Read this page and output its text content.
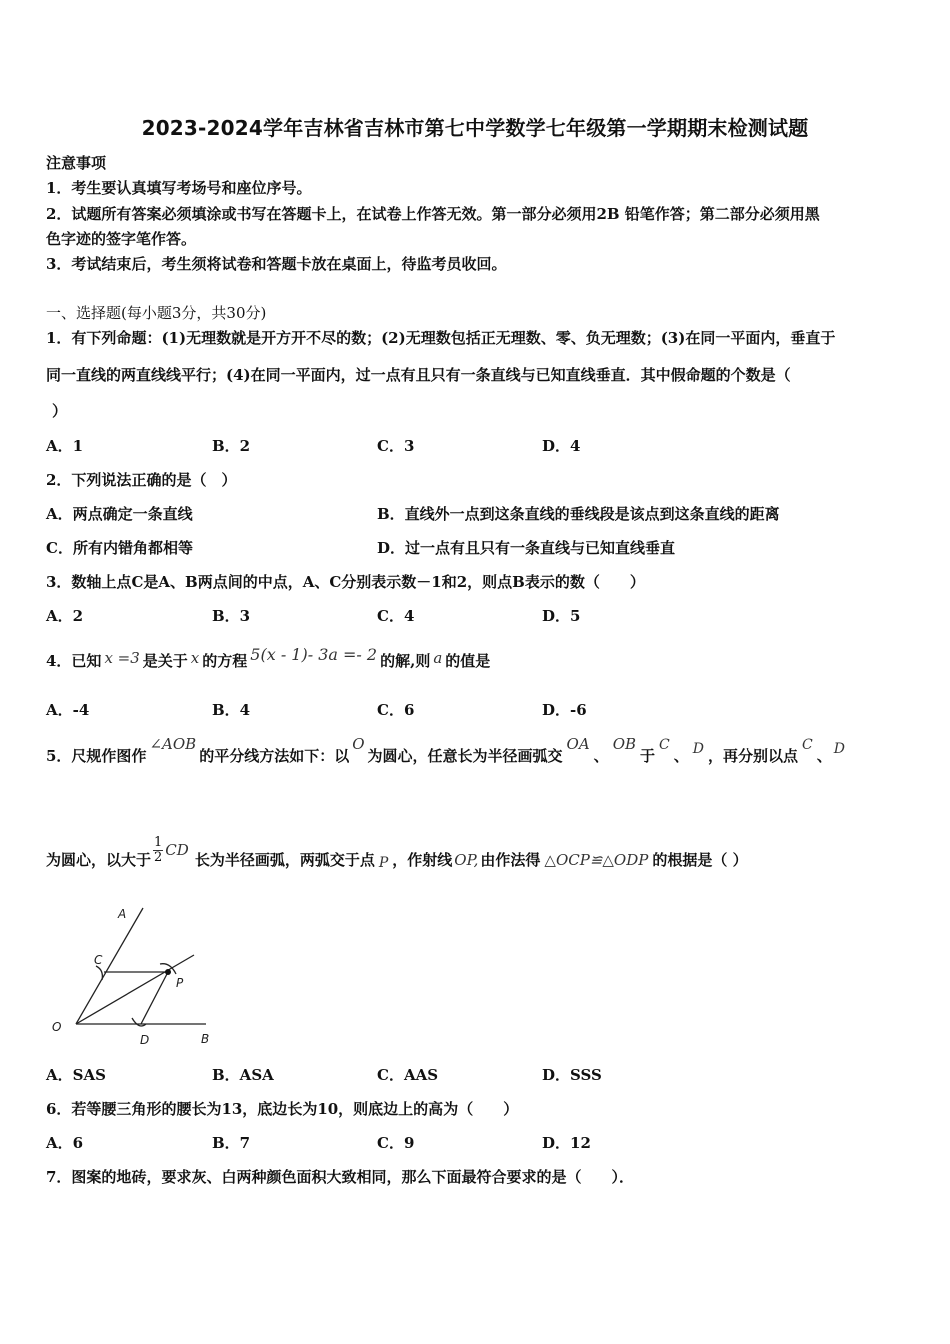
2023-2024学年吉林省吉林市第七中学数学七年级第一学期期末检测试题
注意事项
1．考生要认真填写考场号和座位序号。
2．试题所有答案必须填涂或书写在答题卡上，在试卷上作答无效。第一部分必须用2B 铅笔作答；第二部分必须用黑
色字迹的签字笔作答。
3．考试结束后，考生须将试卷和答题卡放在桌面上，待监考员收回。
一、选择题(每小题3分，共30分)
1．有下列命题：(1)无理数就是开方开不尽的数；(2)无理数包括正无理数、零、负无理数；(3)在同一平面内，垂直于
同一直线的两直线线平行；(4)在同一平面内，过一点有且只有一条直线与已知直线垂直．其中假命题的个数是（
）
A．1	B．2	C．3	D．4
2．下列说法正确的是（　）
A．两点确定一条直线	B．直线外一点到这条直线的垂线段是该点到这条直线的距离
C．所有内错角都相等	D．过一点有且只有一条直线与已知直线垂直
3．数轴上点C是A、B两点间的中点，A、C分别表示数－1和2，则点B表示的数（　　）
A．2	B．3	C．4	D．5
4．已知 x =3 是关于 x 的方程 5(x - 1)- 3a =- 2 的解,则 a 的值是
A．-4	B．4	C．6	D．-6
5．尺规作图作∠AOB的平分线方法如下：以O为圆心，任意长为半径画弧交OA、OB于C、 D ，再分别以点C、 D
为圆心，以大于 $\frac{1}{2}$ CD长为半径画弧，两弧交于点 P ，作射线 OP, 由作法得 △OCP≌△ODP 的根据是（ ）
A
C
P
O
D	B
A．SAS	B．ASA	C．AAS	D．SSS
6．若等腰三角形的腰长为13，底边长为10，则底边上的高为（　　）
A．6	B．7	C．9	D．12
7．图案的地砖，要求灰、白两种颜色面积大致相同，那么下面最符合要求的是（　　）．
